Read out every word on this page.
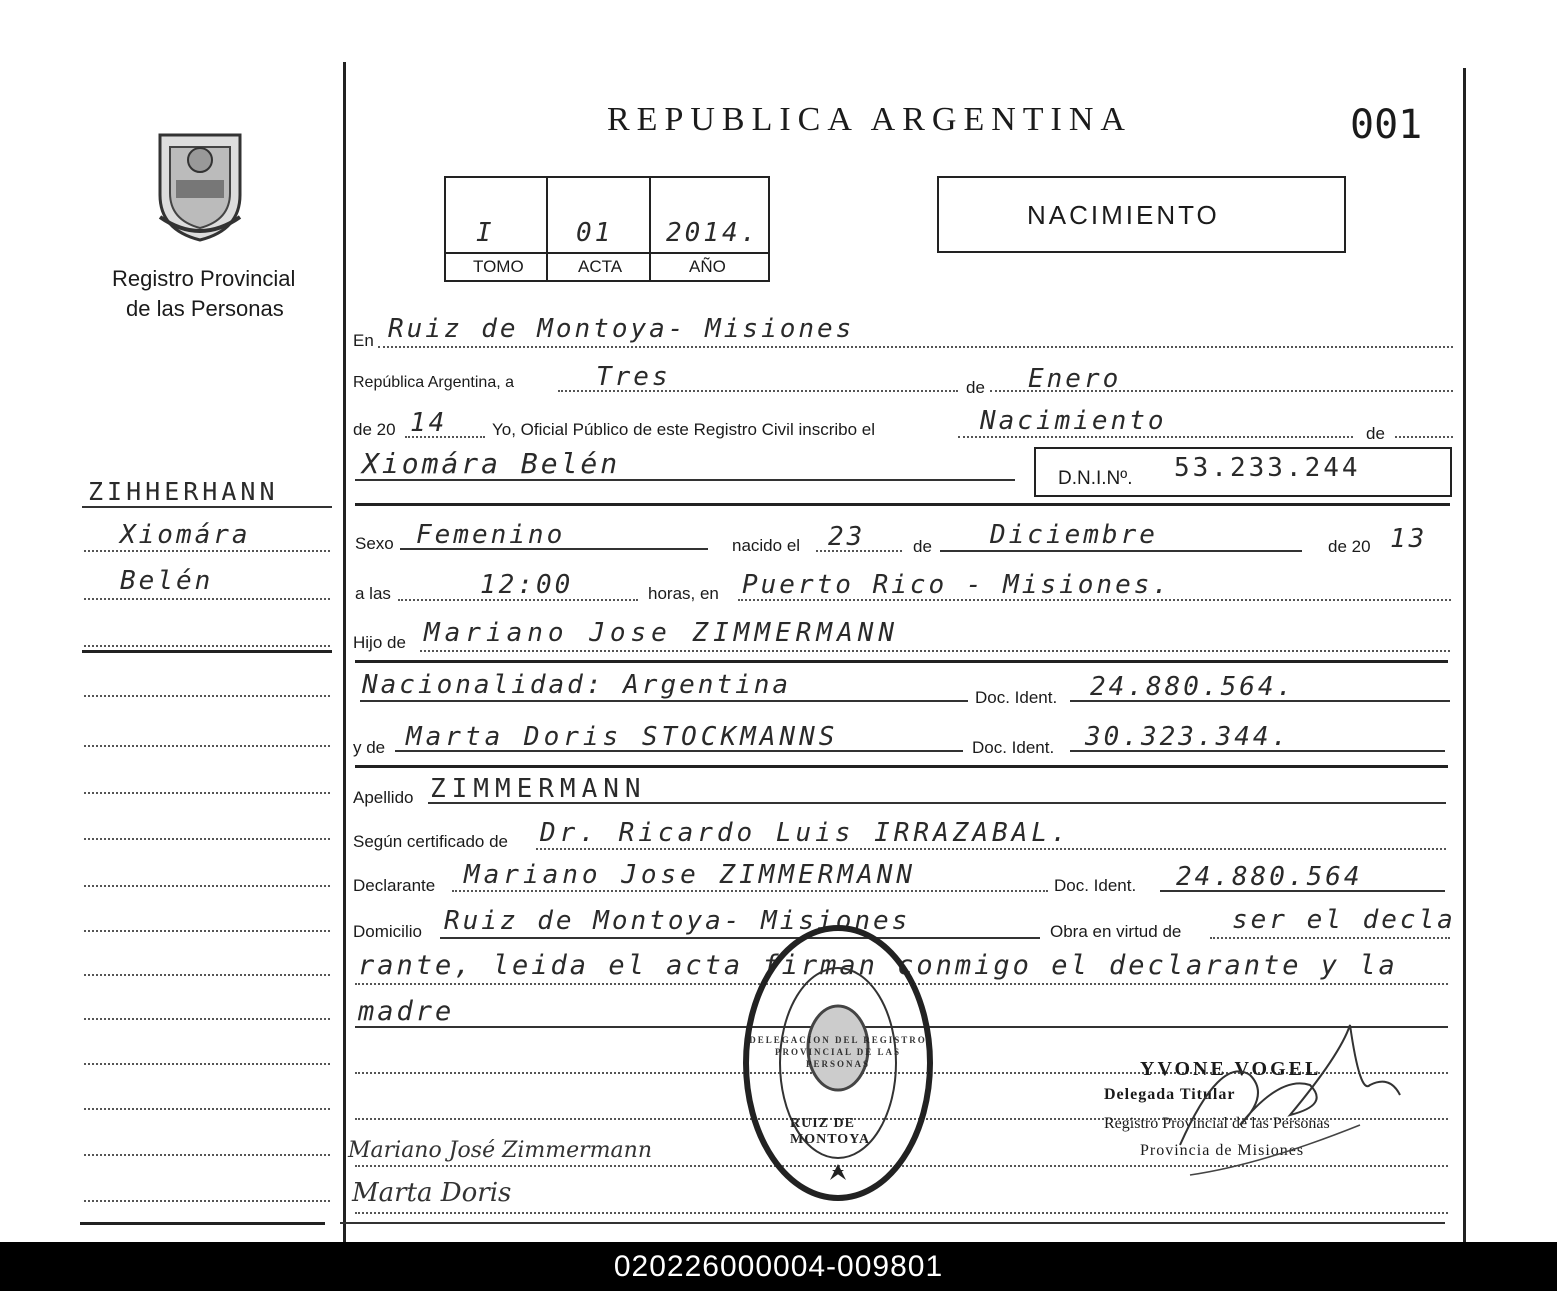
Registro Provincial
de las Personas
REPUBLICA ARGENTINA	001
I	01 2014.
TOMO	ACTA	AÑO
NACIMIENTO
ZIHHERHANN
Xiomára
Belén
En Ruiz de Montoya- Misiones
República Argentina, a	Tres	de Enero
de 20 14	Yo, Oficial Público de este Registro Civil inscribo el	Nacimiento	de
Xiomára Belén	D.N.I.Nº. 53.233.244
Sexo Femenino	nacido el 23	de Diciembre	de 20 13
a las	12:00	horas, en Puerto Rico - Misiones.
Hijo de Mariano Jose ZIMMERMANN
Nacionalidad: Argentina	Doc. Ident. 24.880.564.
y de Marta Doris STOCKMANNS	Doc. Ident. 30.323.344.
Apellido ZIMMERMANN
Según certificado de Dr. Ricardo Luis IRRAZABAL.
Declarante Mariano Jose ZIMMERMANN	Doc. Ident. 24.880.564
Domicilio Ruiz de Montoya- Misiones	Obra en virtud de ser el decla
rante, leida el acta firman conmigo el declarante y la
madre
RUIZ DE MONTOYA
DELEGACION DEL REGISTRO PROVINCIAL DE LAS PERSONAS	YVONE VOGEL
Delegada Titular
Registro Provincial de las Personas
Provincia de Misiones
Mariano José Zimmermann
Marta Doris
020226000004-009801
